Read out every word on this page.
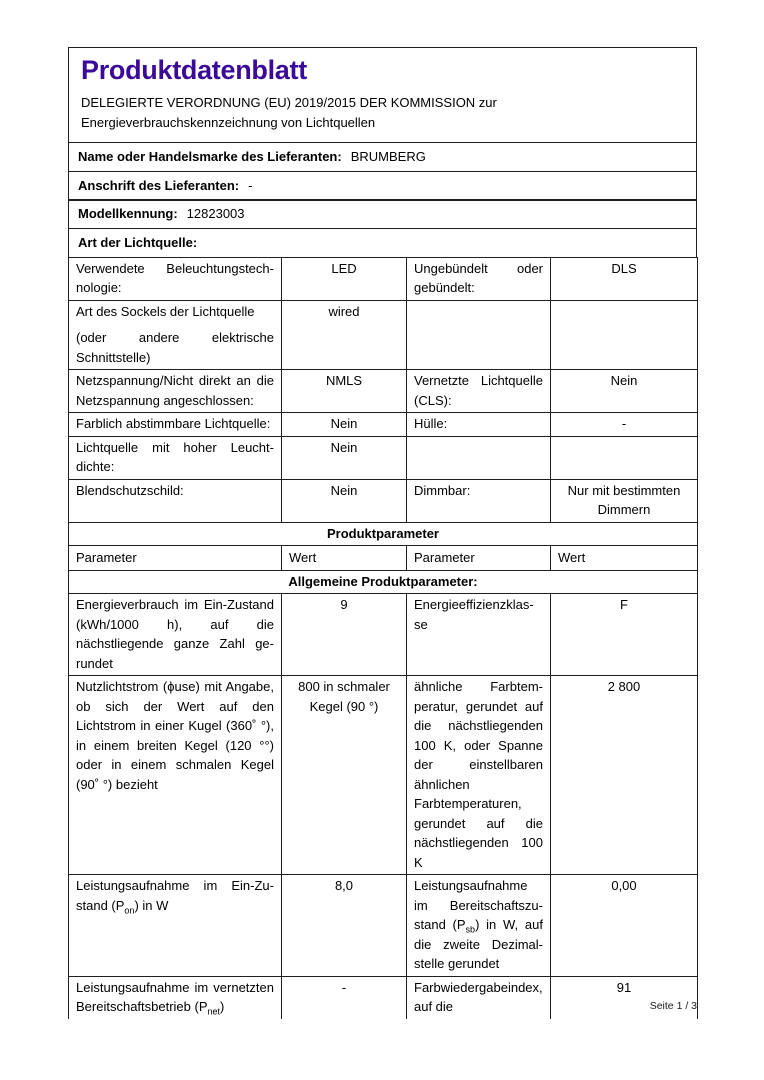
Produktdatenblatt
DELEGIERTE VERORDNUNG (EU) 2019/2015 DER KOMMISSION zur
Energieverbrauchskennzeichnung von Lichtquellen
Name oder Handelsmarke des Lieferanten: BRUMBERG
Anschrift des Lieferanten: -
Modellkennung: 12823003
Art der Lichtquelle:
Verwendete Beleuchtungstechnologie:	LED	Ungebündelt oder gebündelt:	DLS

Art des Sockels der Lichtquelle

(oder andere elektrische Schnittstelle)	wired		
Netzspannung/Nicht direkt an die Netzspannung angeschlossen:	NMLS	Vernetzte Lichtquelle (CLS):	Nein
Farblich abstimmbare Lichtquelle:	Nein	Hülle:	-
Lichtquelle mit hoher Leuchtdichte:	Nein		
Blendschutzschild:	Nein	Dimmbar:	Nur mit bestimmten Dimmern
Produktparameter			
Parameter	Wert	Parameter	Wert
Allgemeine Produktparameter:			
Energieverbrauch im Ein-Zustand (kWh/1000 h), auf die nächstliegende ganze Zahl gerundet	9	Energieeffizienzklasse	F
Nutzlichtstrom (ϕuse) mit Angabe, ob sich der Wert auf den Lichtstrom in einer Kugel (360˚ °), in einem breiten Kegel (120 °°) oder in einem schmalen Kegel (90˚ °) bezieht	800 in schmaler Kegel (90 °)	ähnliche Farbtemperatur, gerundet auf die nächstliegenden 100 K, oder Spanne der einstellbaren ähnlichen Farbtemperaturen, gerundet auf die nächstliegenden 100 K	2 800
Leistungsaufnahme im Ein-Zustand $(P_{on})$ in W	8,0	Leistungsaufnahme im Bereitschaftszustand $(P_{sb})$ in W, auf die zweite Dezimalstelle gerundet	0,00
Leistungsaufnahme im vernetzten Bereitschaftsbetrieb $(P_{net})$	-	Farbwiedergabeindex, auf die	91
Seite 1 / 3
